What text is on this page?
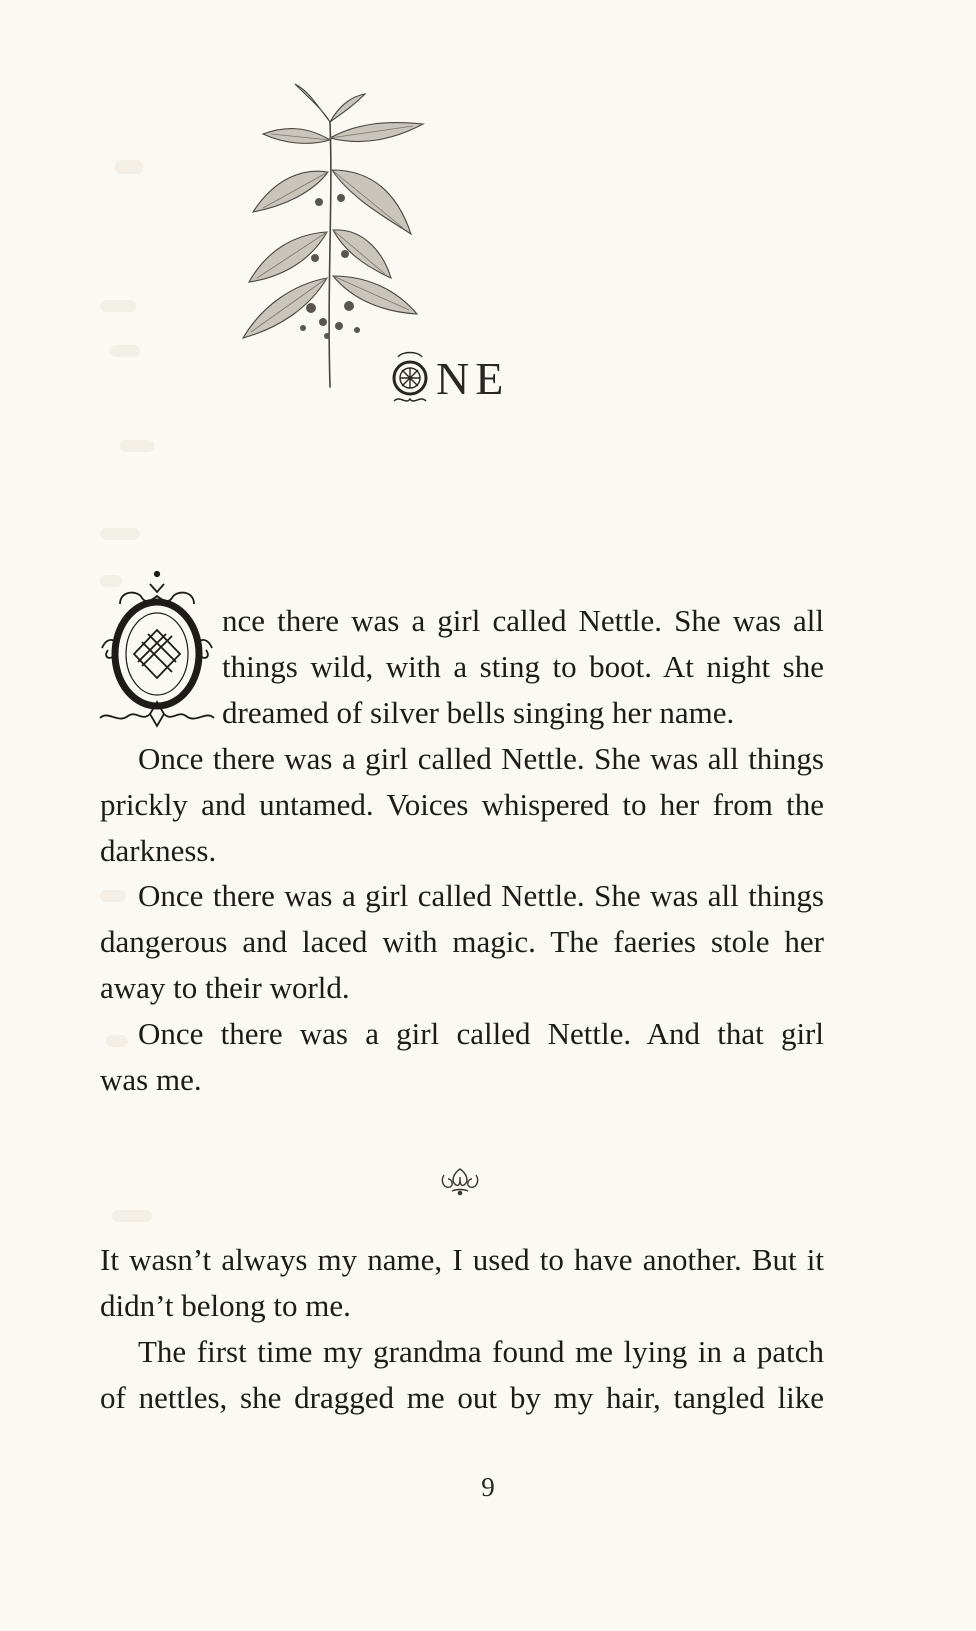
NE
nce there was a girl called Nettle. She was all
things wild, with a sting to boot. At night she
dreamed of silver bells singing her name.
Once there was a girl called Nettle. She was all things
prickly and untamed. Voices whispered to her from the
darkness.
Once there was a girl called Nettle. She was all things
dangerous and laced with magic. The faeries stole her
away to their world.
Once there was a girl called Nettle. And that girl
was me.
It wasn’t always my name, I used to have another. But it
didn’t belong to me.
The first time my grandma found me lying in a patch
of nettles, she dragged me out by my hair, tangled like
9
